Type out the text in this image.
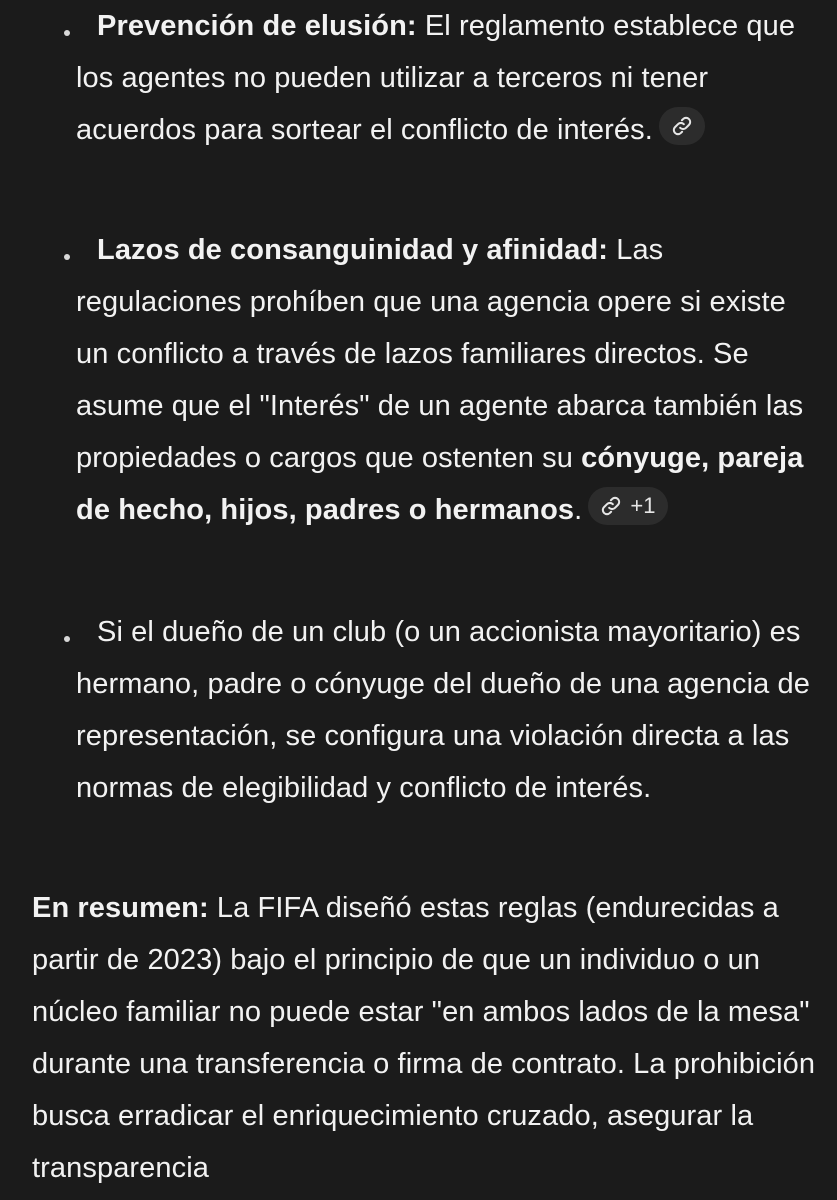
Prevención de elusión: El reglamento establece que los agentes no pueden utilizar a terceros ni tener acuerdos para sortear el conflicto de interés.
Lazos de consanguinidad y afinidad: Las regulaciones prohíben que una agencia opere si existe un conflicto a través de lazos familiares directos. Se asume que el "Interés" de un agente abarca también las propiedades o cargos que ostenten su cónyuge, pareja de hecho, hijos, padres o hermanos. +1
Si el dueño de un club (o un accionista mayoritario) es hermano, padre o cónyuge del dueño de una agencia de representación, se configura una violación directa a las normas de elegibilidad y conflicto de interés.
En resumen: La FIFA diseñó estas reglas (endurecidas a partir de 2023) bajo el principio de que un individuo o un núcleo familiar no puede estar "en ambos lados de la mesa" durante una transferencia o firma de contrato. La prohibición busca erradicar el enriquecimiento cruzado, asegurar la transparencia
